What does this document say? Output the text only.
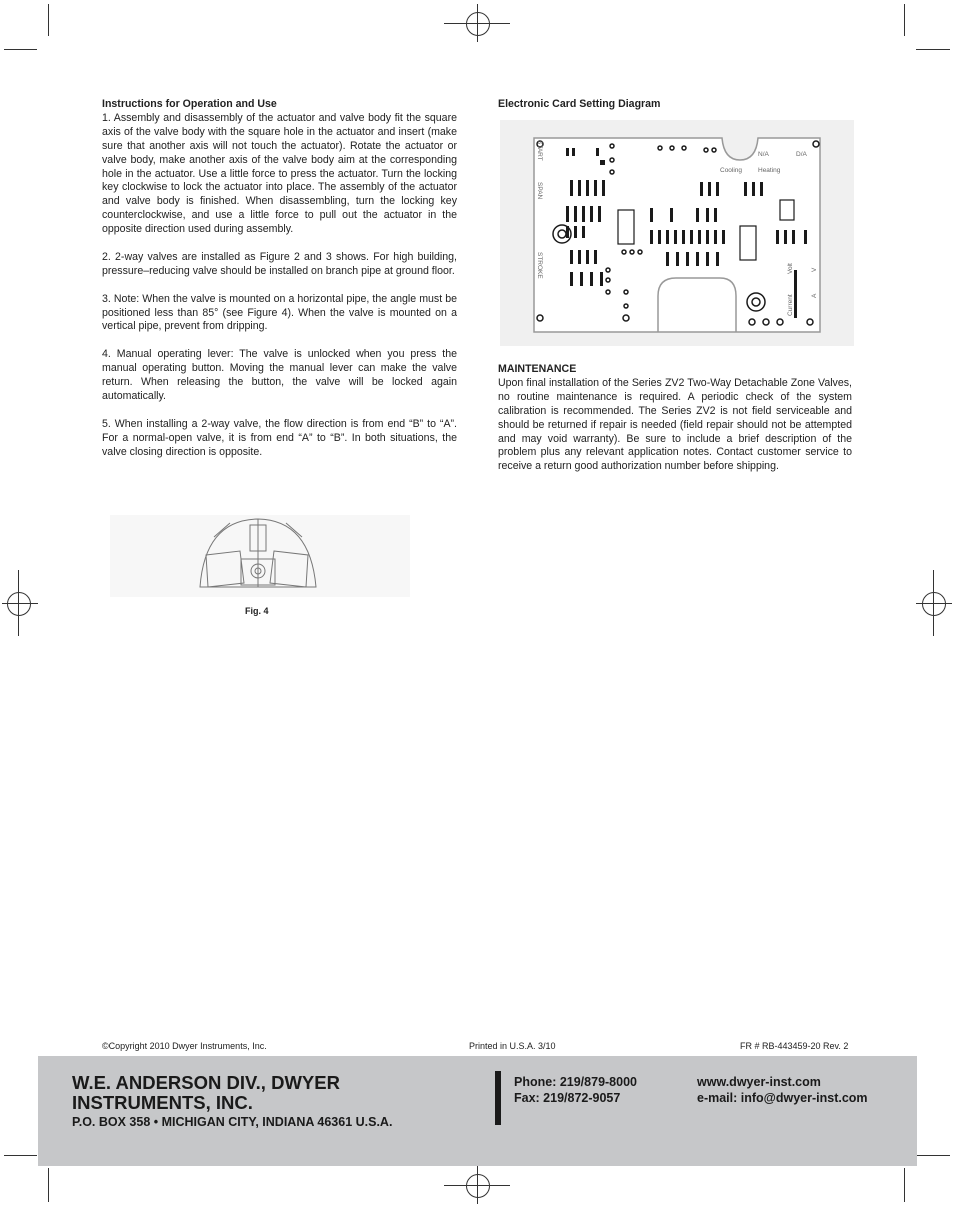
Instructions for Operation and Use

1. Assembly and disassembly of the actuator and valve body fit the square axis of the valve body with the square hole in the actuator and insert (make sure that another axis will not touch the actuator). Rotate the actuator or valve body, make another axis of the valve body aim at the corresponding hole in the actuator. Use a little force to press the actuator. Turn the locking key clockwise to lock the actuator into place. The assembly of the actuator and valve body is finished. When disassembling, turn the locking key counterclockwise, and use a little force to pull out the actuator in the opposite direction used during assembly.

2. 2-way valves are installed as Figure 2 and 3 shows. For high building, pressure–reducing valve should be installed on branch pipe at ground floor.

3. Note: When the valve is mounted on a horizontal pipe, the angle must be positioned less than 85° (see Figure 4). When the valve is mounted on a vertical pipe, prevent from dripping.

4. Manual operating lever: The valve is unlocked when you press the manual operating button. Moving the manual lever can make the valve return. When releasing the button, the valve will be locked again automatically.

5. When installing a 2-way valve, the flow direction is from end “B” to “A”. For a normal-open valve, it is from end “A” to “B”. In both situations, the valve closing direction is opposite.

Fig. 4
Electronic Card Setting Diagram
START
SPAN
STROKE
N/A	D/A
Cooling Heating
Volt
Current
V
A
MAINTENANCE

Upon final installation of the Series ZV2 Two-Way Detachable Zone Valves, no routine maintenance is required. A periodic check of the system calibration is recommended. The Series ZV2 is not field serviceable and should be returned if repair is needed (field repair should not be attempted and may void warranty). Be sure to include a brief description of the problem plus any relevant application notes. Contact customer service to receive a return good authorization number before shipping.

©Copyright 2010 Dwyer Instruments, Inc.	Printed in U.S.A. 3/10	FR # RB-443459-20 Rev. 2
W.E. ANDERSON DIV., DWYER
INSTRUMENTS, INC.
P.O. BOX 358 • MICHIGAN CITY, INDIANA 46361 U.S.A.
Phone: 219/879-8000
Fax: 219/872-9057
www.dwyer-inst.com
e-mail: info@dwyer-inst.com
